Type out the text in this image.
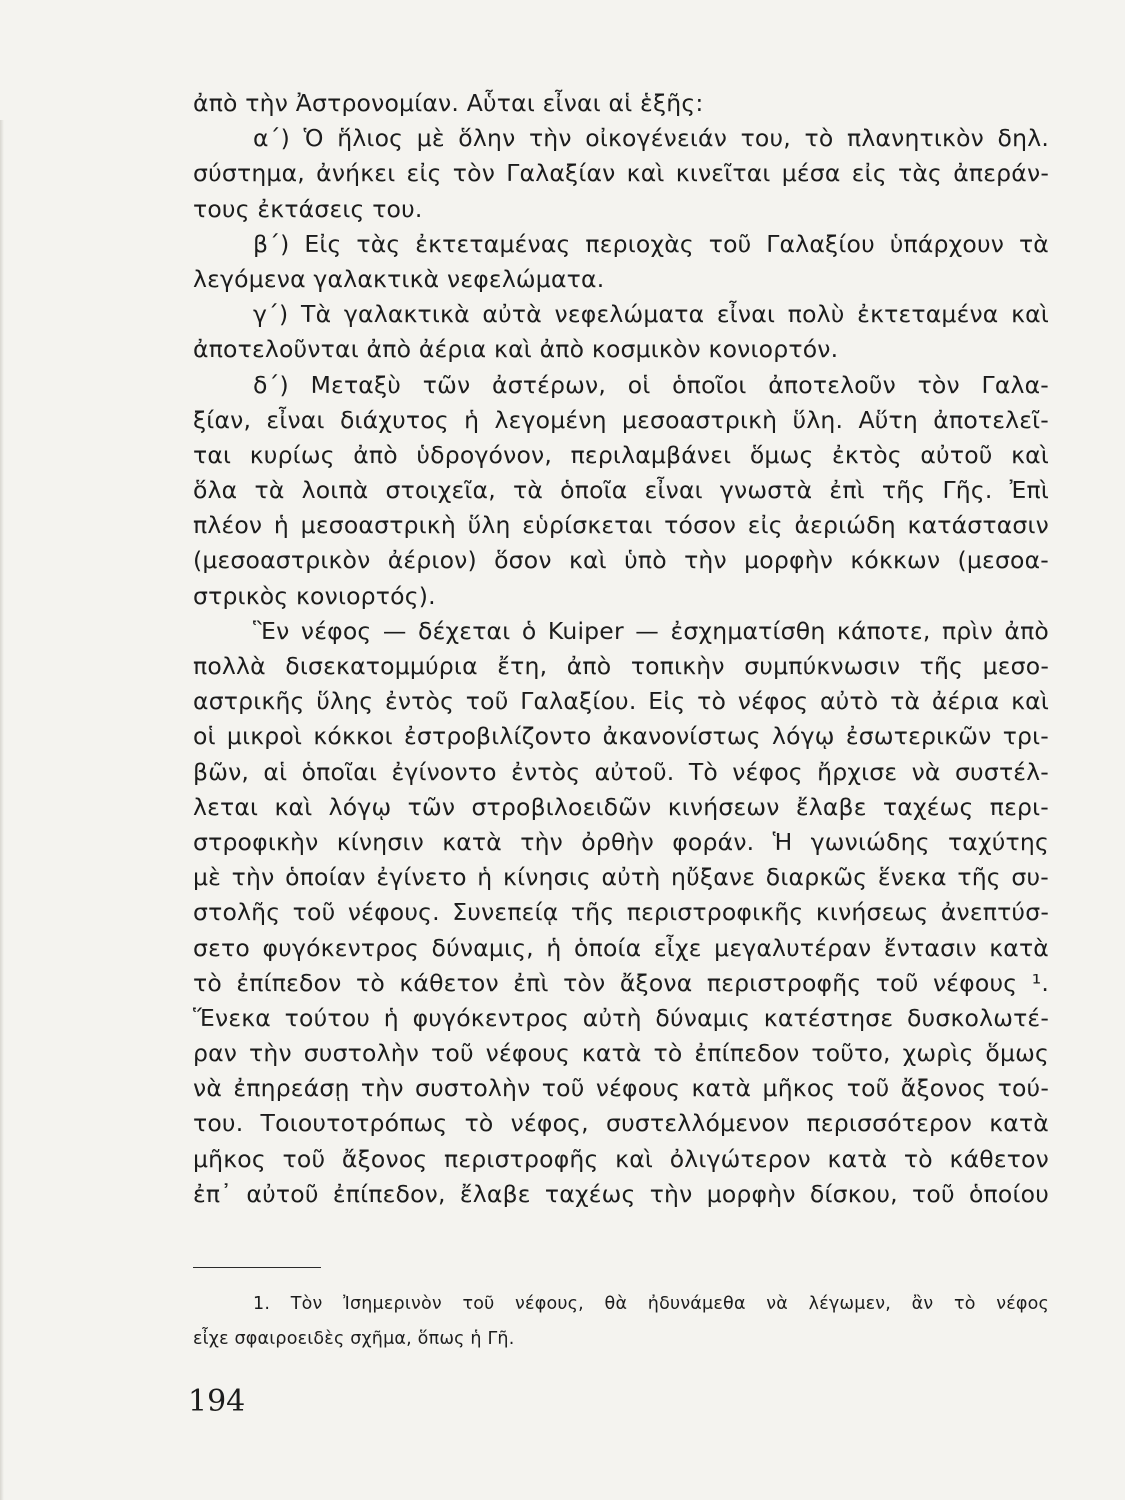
ἀπὸ τὴν Ἀστρονομίαν. Αὗται εἶναι αἱ ἑξῆς:
α΄) Ὁ ἥλιος μὲ ὅλην τὴν οἰκογένειάν του, τὸ πλανητικὸν δηλ.
σύστημα, ἀνήκει εἰς τὸν Γαλαξίαν καὶ κινεῖται μέσα εἰς τὰς ἀπεράν-
τους ἐκτάσεις του.
β΄) Εἰς τὰς ἐκτεταμένας περιοχὰς τοῦ Γαλαξίου ὑπάρχουν τὰ
λεγόμενα γαλακτικὰ νεφελώματα.
γ΄) Τὰ γαλακτικὰ αὐτὰ νεφελώματα εἶναι πολὺ ἐκτεταμένα καὶ
ἀποτελοῦνται ἀπὸ ἀέρια καὶ ἀπὸ κοσμικὸν κονιορτόν.
δ΄) Μεταξὺ τῶν ἀστέρων, οἱ ὁποῖοι ἀποτελοῦν τὸν Γαλα-
ξίαν, εἶναι διάχυτος ἡ λεγομένη μεσοαστρικὴ ὕλη. Αὕτη ἀποτελεῖ-
ται κυρίως ἀπὸ ὑδρογόνον, περιλαμβάνει ὅμως ἐκτὸς αὐτοῦ καὶ
ὅλα τὰ λοιπὰ στοιχεῖα, τὰ ὁποῖα εἶναι γνωστὰ ἐπὶ τῆς Γῆς. Ἐπὶ
πλέον ἡ μεσοαστρικὴ ὕλη εὑρίσκεται τόσον εἰς ἀεριώδη κατάστασιν
(μεσοαστρικὸν ἀέριον) ὅσον καὶ ὑπὸ τὴν μορφὴν κόκκων (μεσοα-
στρικὸς κονιορτός).
Ἓν νέφος — δέχεται ὁ Kuiper — ἐσχηματίσθη κάποτε, πρὶν ἀπὸ
πολλὰ δισεκατομμύρια ἔτη, ἀπὸ τοπικὴν συμπύκνωσιν τῆς μεσο-
αστρικῆς ὕλης ἐντὸς τοῦ Γαλαξίου. Εἰς τὸ νέφος αὐτὸ τὰ ἀέρια καὶ
οἱ μικροὶ κόκκοι ἐστροβιλίζοντο ἀκανονίστως λόγῳ ἐσωτερικῶν τρι-
βῶν, αἱ ὁποῖαι ἐγίνοντο ἐντὸς αὐτοῦ. Τὸ νέφος ἤρχισε νὰ συστέλ-
λεται καὶ λόγῳ τῶν στροβιλοειδῶν κινήσεων ἔλαβε ταχέως περι-
στροφικὴν κίνησιν κατὰ τὴν ὀρθὴν φοράν. Ἡ γωνιώδης ταχύτης
μὲ τὴν ὁποίαν ἐγίνετο ἡ κίνησις αὐτὴ ηὔξανε διαρκῶς ἕνεκα τῆς συ-
στολῆς τοῦ νέφους. Συνεπείᾳ τῆς περιστροφικῆς κινήσεως ἀνεπτύσ-
σετο φυγόκεντρος δύναμις, ἡ ὁποία εἶχε μεγαλυτέραν ἔντασιν κατὰ
τὸ ἐπίπεδον τὸ κάθετον ἐπὶ τὸν ἄξονα περιστροφῆς τοῦ νέφους ¹.
Ἕνεκα τούτου ἡ φυγόκεντρος αὐτὴ δύναμις κατέστησε δυσκολωτέ-
ραν τὴν συστολὴν τοῦ νέφους κατὰ τὸ ἐπίπεδον τοῦτο, χωρὶς ὅμως
νὰ ἐπηρεάσῃ τὴν συστολὴν τοῦ νέφους κατὰ μῆκος τοῦ ἄξονος τού-
του. Τοιουτοτρόπως τὸ νέφος, συστελλόμενον περισσότερον κατὰ
μῆκος τοῦ ἄξονος περιστροφῆς καὶ ὀλιγώτερον κατὰ τὸ κάθετον
ἐπ᾽ αὐτοῦ ἐπίπεδον, ἔλαβε ταχέως τὴν μορφὴν δίσκου, τοῦ ὁποίου
1. Τὸν Ἰσημερινὸν τοῦ νέφους, θὰ ἠδυνάμεθα νὰ λέγωμεν, ἂν τὸ νέφος
εἶχε σφαιροειδὲς σχῆμα, ὅπως ἡ Γῆ.
194
